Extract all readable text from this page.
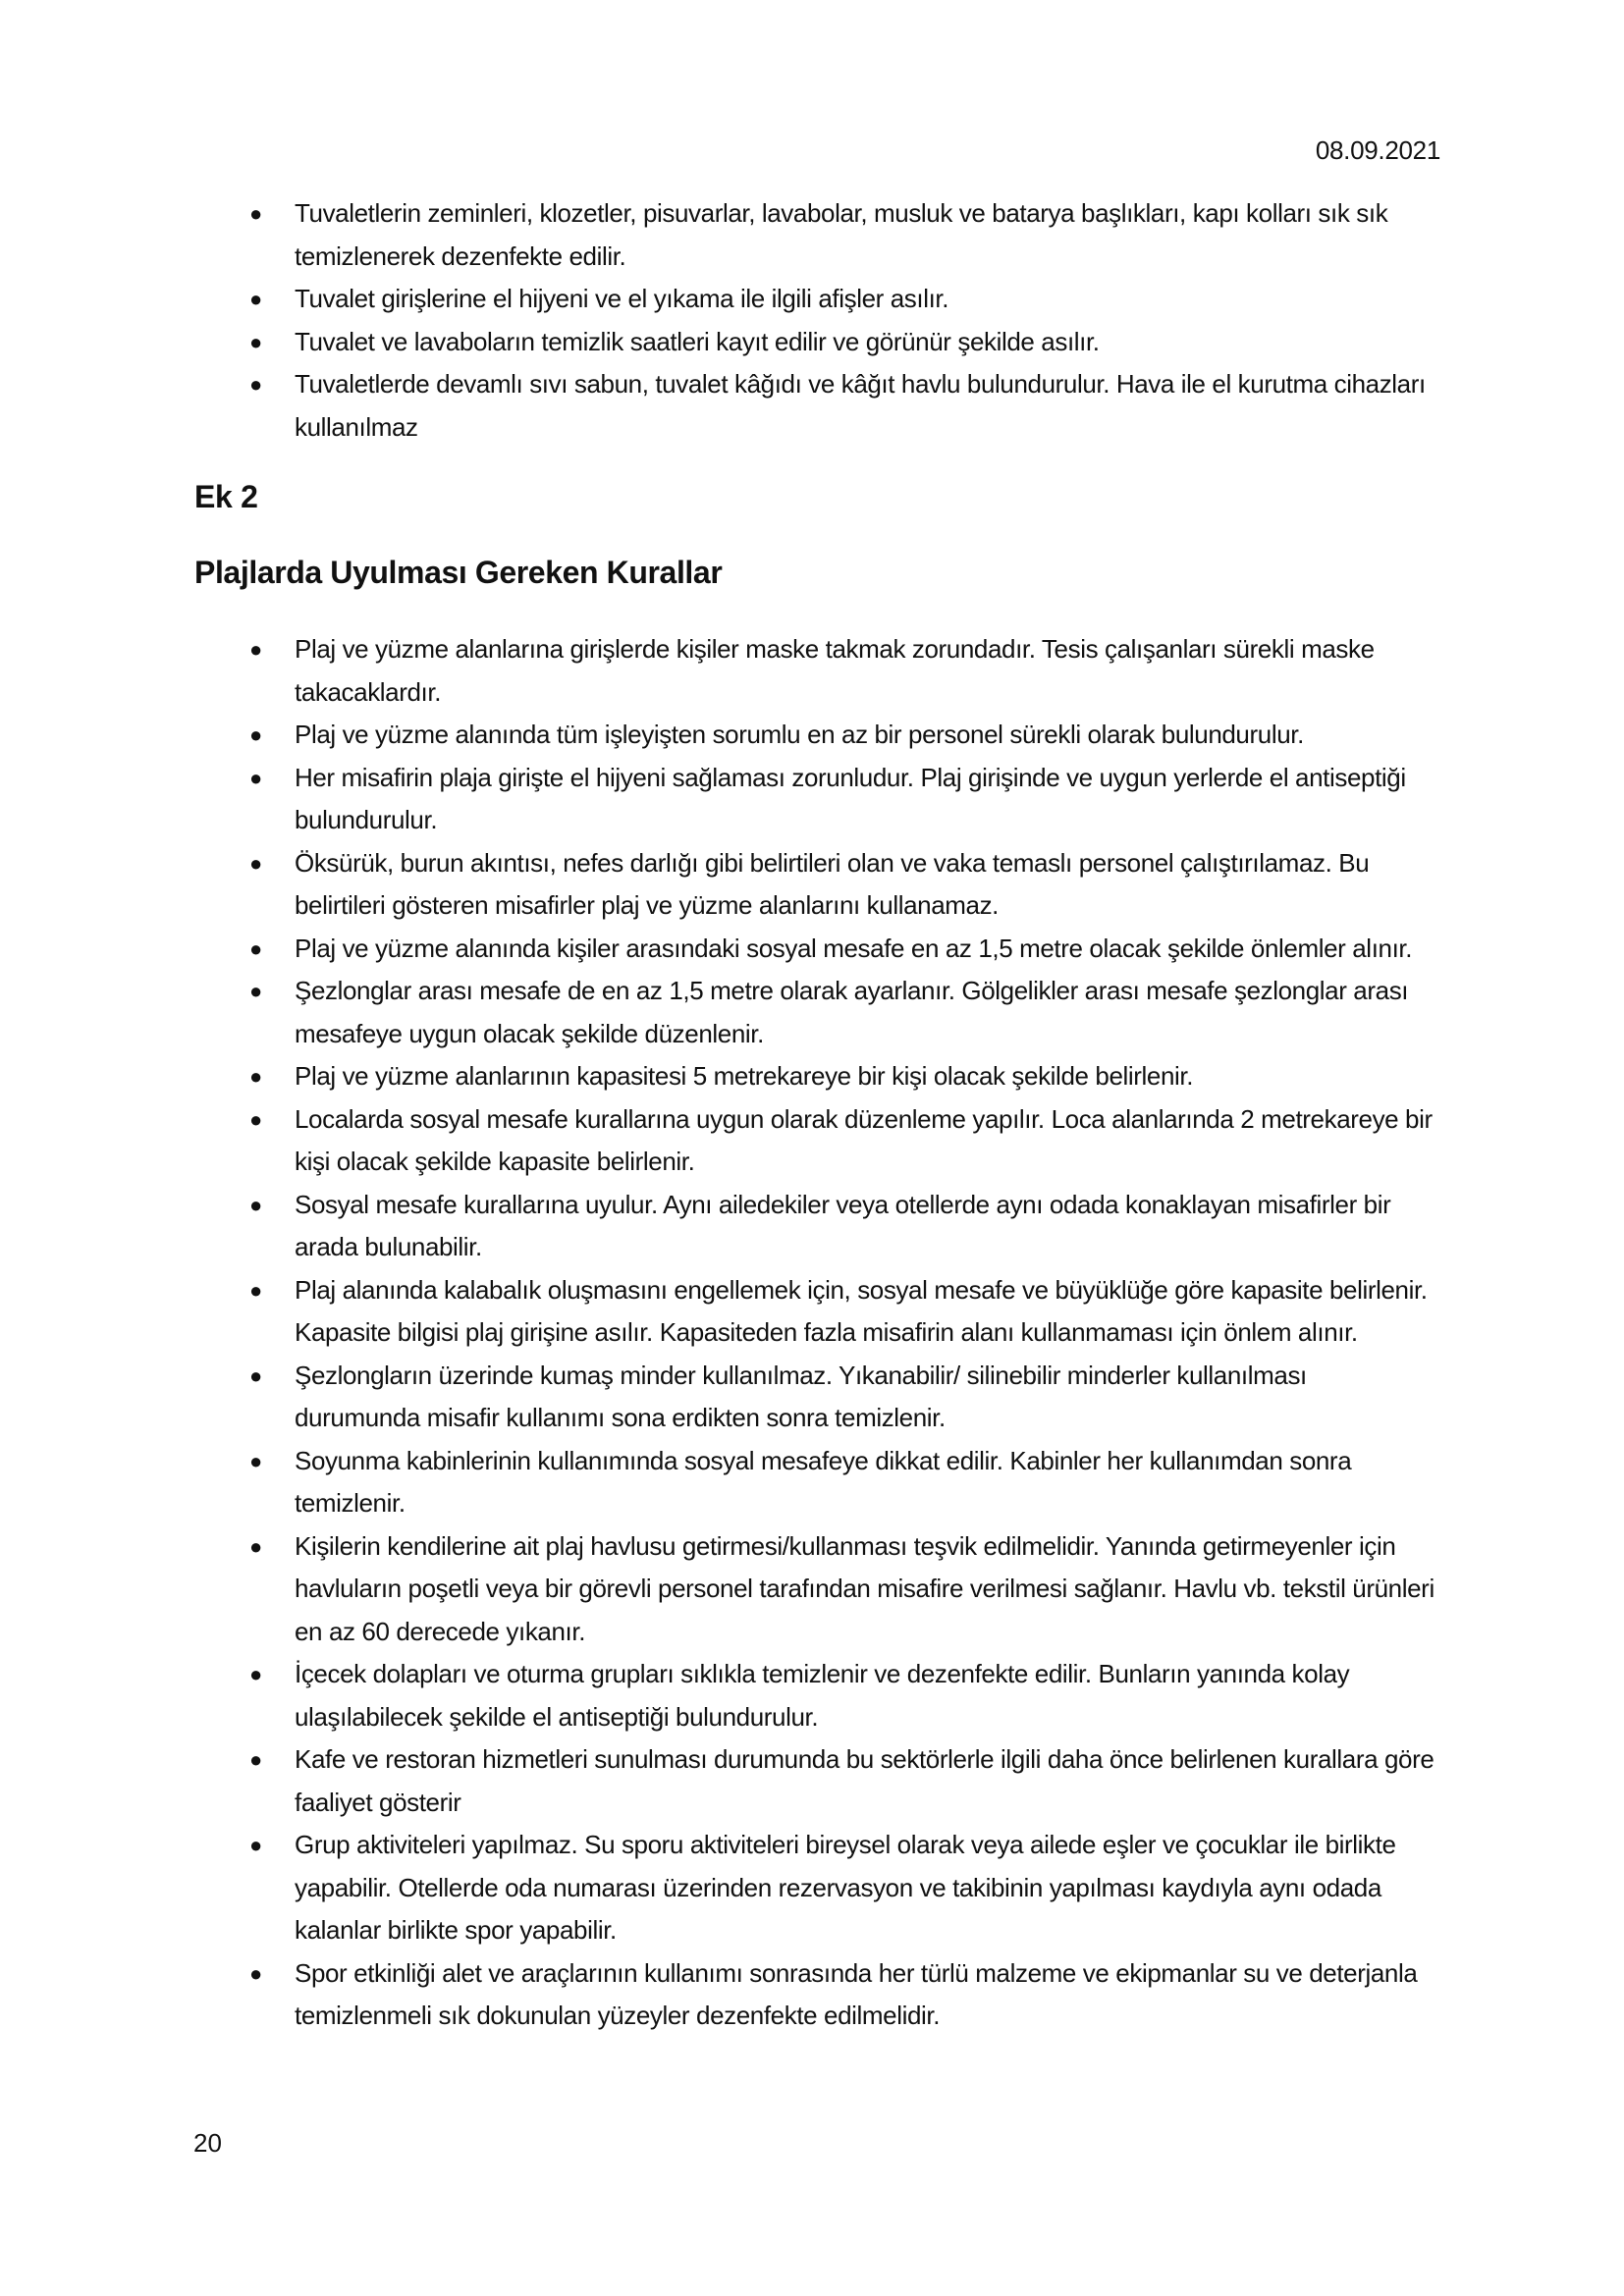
08.09.2021
● Tuvaletlerin zeminleri, klozetler, pisuvarlar, lavabolar, musluk ve batarya başlıkları, kapı kolları sık sık temizlenerek dezenfekte edilir.
● Tuvalet girişlerine el hijyeni ve el yıkama ile ilgili afişler asılır.
● Tuvalet ve lavaboların temizlik saatleri kayıt edilir ve görünür şekilde asılır.
● Tuvaletlerde devamlı sıvı sabun, tuvalet kâğıdı ve kâğıt havlu bulundurulur. Hava ile el kurutma cihazları kullanılmaz
Ek 2
Plajlarda Uyulması Gereken Kurallar
● Plaj ve yüzme alanlarına girişlerde kişiler maske takmak zorundadır. Tesis çalışanları sürekli maske takacaklardır.
● Plaj ve yüzme alanında tüm işleyişten sorumlu en az bir personel sürekli olarak bulundurulur.
● Her misafirin plaja girişte el hijyeni sağlaması zorunludur. Plaj girişinde ve uygun yerlerde el antiseptiği bulundurulur.
● Öksürük, burun akıntısı, nefes darlığı gibi belirtileri olan ve vaka temaslı personel çalıştırılamaz. Bu belirtileri gösteren misafirler plaj ve yüzme alanlarını kullanamaz.
● Plaj ve yüzme alanında kişiler arasındaki sosyal mesafe en az 1,5 metre olacak şekilde önlemler alınır.
● Şezlonglar arası mesafe de en az 1,5 metre olarak ayarlanır. Gölgelikler arası mesafe şezlonglar arası mesafeye uygun olacak şekilde düzenlenir.
● Plaj ve yüzme alanlarının kapasitesi 5 metrekareye bir kişi olacak şekilde belirlenir.
● Localarda sosyal mesafe kurallarına uygun olarak düzenleme yapılır. Loca alanlarında 2 metrekareye bir kişi olacak şekilde kapasite belirlenir.
● Sosyal mesafe kurallarına uyulur. Aynı ailedekiler veya otellerde aynı odada konaklayan misafirler bir arada bulunabilir.
● Plaj alanında kalabalık oluşmasını engellemek için, sosyal mesafe ve büyüklüğe göre kapasite belirlenir. Kapasite bilgisi plaj girişine asılır. Kapasiteden fazla misafirin alanı kullanmaması için önlem alınır.
● Şezlongların üzerinde kumaş minder kullanılmaz. Yıkanabilir/ silinebilir minderler kullanılması durumunda misafir kullanımı sona erdikten sonra temizlenir.
● Soyunma kabinlerinin kullanımında sosyal mesafeye dikkat edilir. Kabinler her kullanımdan sonra temizlenir.
● Kişilerin kendilerine ait plaj havlusu getirmesi/kullanması teşvik edilmelidir. Yanında getirmeyenler için havluların poşetli veya bir görevli personel tarafından misafire verilmesi sağlanır. Havlu vb. tekstil ürünleri en az 60 derecede yıkanır.
● İçecek dolapları ve oturma grupları sıklıkla temizlenir ve dezenfekte edilir. Bunların yanında kolay ulaşılabilecek şekilde el antiseptiği bulundurulur.
● Kafe ve restoran hizmetleri sunulması durumunda bu sektörlerle ilgili daha önce belirlenen kurallara göre faaliyet gösterir
● Grup aktiviteleri yapılmaz. Su sporu aktiviteleri bireysel olarak veya ailede eşler ve çocuklar ile birlikte yapabilir. Otellerde oda numarası üzerinden rezervasyon ve takibinin yapılması kaydıyla aynı odada kalanlar birlikte spor yapabilir.
● Spor etkinliği alet ve araçlarının kullanımı sonrasında her türlü malzeme ve ekipmanlar su ve deterjanla temizlenmeli sık dokunulan yüzeyler dezenfekte edilmelidir.
20
